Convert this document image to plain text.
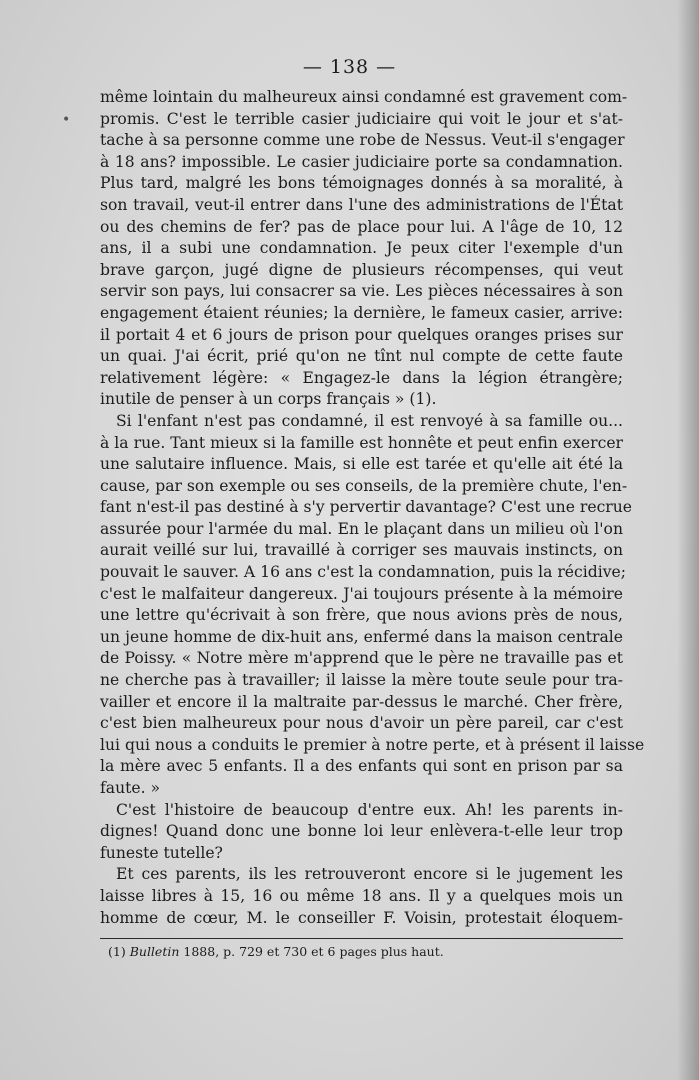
•
— 138 —
même lointain du malheureux ainsi condamné est gravement com-
promis. C'est le terrible casier judiciaire qui voit le jour et s'at-
tache à sa personne comme une robe de Nessus. Veut-il s'engager
à 18 ans? impossible. Le casier judiciaire porte sa condamnation.
Plus tard, malgré les bons témoignages donnés à sa moralité, à
son travail, veut-il entrer dans l'une des administrations de l'État
ou des chemins de fer? pas de place pour lui. A l'âge de 10, 12
ans, il a subi une condamnation. Je peux citer l'exemple d'un
brave garçon, jugé digne de plusieurs récompenses, qui veut
servir son pays, lui consacrer sa vie. Les pièces nécessaires à son
engagement étaient réunies; la dernière, le fameux casier, arrive:
il portait 4 et 6 jours de prison pour quelques oranges prises sur
un quai. J'ai écrit, prié qu'on ne tînt nul compte de cette faute
relativement légère: « Engagez-le dans la légion étrangère;
inutile de penser à un corps français » (1).
Si l'enfant n'est pas condamné, il est renvoyé à sa famille ou...
à la rue. Tant mieux si la famille est honnête et peut enfin exercer
une salutaire influence. Mais, si elle est tarée et qu'elle ait été la
cause, par son exemple ou ses conseils, de la première chute, l'en-
fant n'est-il pas destiné à s'y pervertir davantage? C'est une recrue
assurée pour l'armée du mal. En le plaçant dans un milieu où l'on
aurait veillé sur lui, travaillé à corriger ses mauvais instincts, on
pouvait le sauver. A 16 ans c'est la condamnation, puis la récidive;
c'est le malfaiteur dangereux. J'ai toujours présente à la mémoire
une lettre qu'écrivait à son frère, que nous avions près de nous,
un jeune homme de dix-huit ans, enfermé dans la maison centrale
de Poissy. « Notre mère m'apprend que le père ne travaille pas et
ne cherche pas à travailler; il laisse la mère toute seule pour tra-
vailler et encore il la maltraite par-dessus le marché. Cher frère,
c'est bien malheureux pour nous d'avoir un père pareil, car c'est
lui qui nous a conduits le premier à notre perte, et à présent il laisse
la mère avec 5 enfants. Il a des enfants qui sont en prison par sa
faute. »
C'est l'histoire de beaucoup d'entre eux. Ah! les parents in-
dignes! Quand donc une bonne loi leur enlèvera-t-elle leur trop
funeste tutelle?
Et ces parents, ils les retrouveront encore si le jugement les
laisse libres à 15, 16 ou même 18 ans. Il y a quelques mois un
homme de cœur, M. le conseiller F. Voisin, protestait éloquem-
(1) Bulletin 1888, p. 729 et 730 et 6 pages plus haut.
